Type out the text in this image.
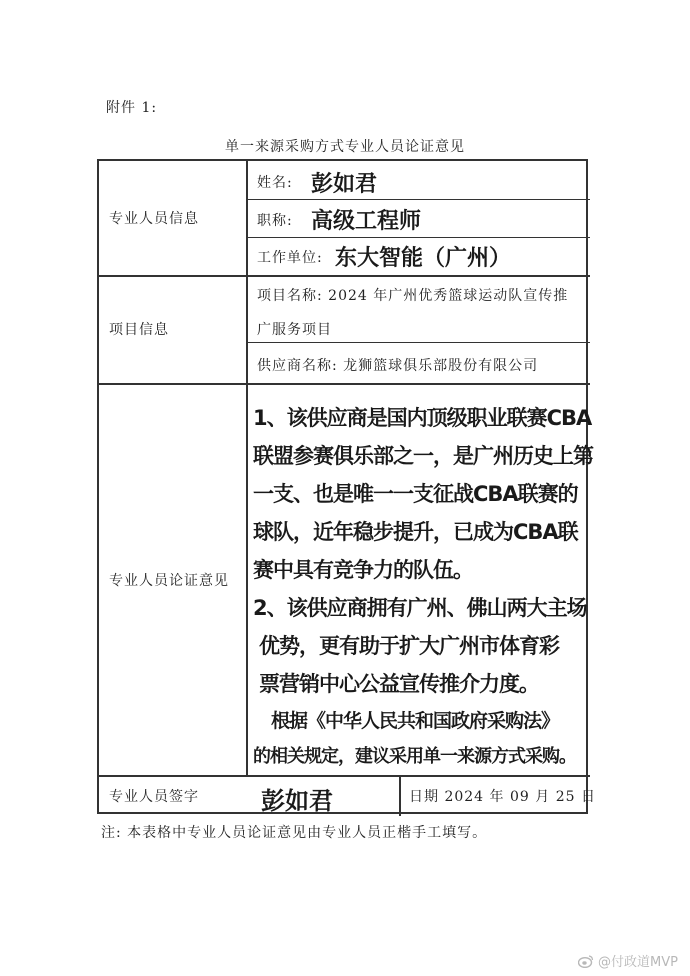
附件 1:
单一来源采购方式专业人员论证意见
专业人员信息
项目信息
专业人员论证意见
专业人员签字
姓名: 彭如君
职称: 高级工程师
工作单位: 东大智能（广州）
项目名称: 2024 年广州优秀篮球运动队宣传推
广服务项目
供应商名称: 龙狮篮球俱乐部股份有限公司
1、该供应商是国内顶级职业联赛CBA
联盟参赛俱乐部之一，是广州历史上第
一支、也是唯一一支征战CBA联赛的
球队，近年稳步提升，已成为CBA联
赛中具有竞争力的队伍。
2、该供应商拥有广州、佛山两大主场
优势，更有助于扩大广州市体育彩
票营销中心公益宣传推介力度。
根据《中华人民共和国政府采购法》
的相关规定，建议采用单一来源方式采购。
彭如君	日期 2024 年 09 月 25 日
注: 本表格中专业人员论证意见由专业人员正楷手工填写。
@付政道MVP
